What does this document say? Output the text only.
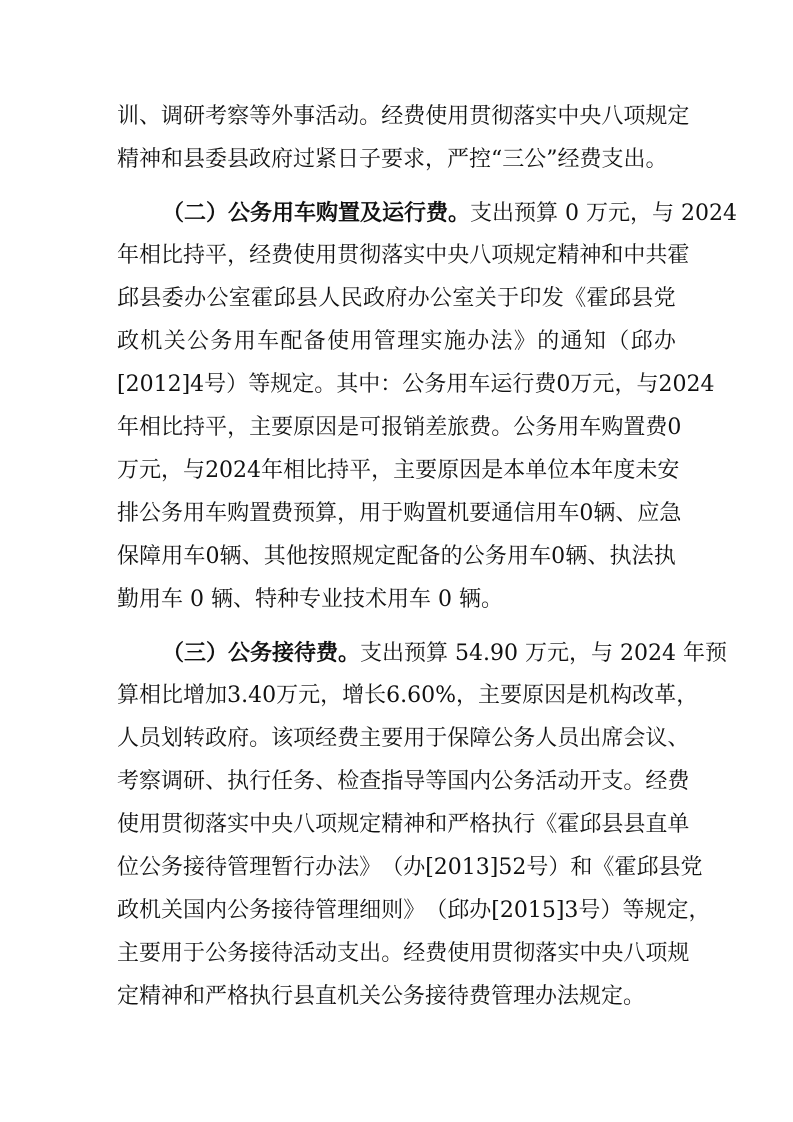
训 、 调 研 考 察 等 外 事 活 动 。 经 费 使 用 贯 彻 落 实 中 央 八 项 规 定
精神和县委县政府过紧日子要求，严控“三公”经费支出。
（二）公务用车购置及运行费。支出预算 0 万元，与 2024
年 相 比 持 平 ， 经 费 使 用 贯 彻 落 实 中 央 八 项 规 定 精 神 和 中 共 霍
邱 县 委 办 公 室 霍 邱 县 人 民 政 府 办 公 室 关 于 印 发 《 霍 邱 县 党
政 机 关 公 务 用 车 配 备 使 用 管 理 实 施 办 法 》 的 通 知 （ 邱 办
[2012]4 号 ） 等 规 定 。 其 中 ： 公 务 用 车 运 行 费 0 万 元 ， 与 2024
年 相 比 持 平 ， 主 要 原 因 是 可 报 销 差 旅 费 。 公 务 用 车 购 置 费 0
万 元 ， 与 2024 年 相 比 持 平 ， 主 要 原 因 是 本 单 位 本 年 度 未 安
排 公 务 用 车 购 置 费 预 算 ， 用 于 购 置 机 要 通 信 用 车 0 辆 、 应 急
保 障 用 车 0 辆 、 其 他 按 照 规 定 配 备 的 公 务 用 车 0 辆 、 执 法 执
勤用车 0 辆、特种专业技术用车 0 辆。
（三）公务接待费。支出预算 54.90 万元，与 2024 年预
算 相 比 增 加 3.40 万 元 ， 增 长 6.60% ， 主 要 原 因 是 机 构 改 革 ，
人 员 划 转 政 府 。 该 项 经 费 主 要 用 于 保 障 公 务 人 员 出 席 会 议 、
考 察 调 研 、 执 行 任 务 、 检 查 指 导 等 国 内 公 务 活 动 开 支 。 经 费
使 用 贯 彻 落 实 中 央 八 项 规 定 精 神 和 严 格 执 行 《 霍 邱 县 县 直 单
位 公 务 接 待 管 理 暂 行 办 法 》 （ 办 [2013]52 号 ） 和 《 霍 邱 县 党
政 机 关 国 内 公 务 接 待 管 理 细 则 》 （ 邱 办 [2015]3 号 ） 等 规 定 ，
主 要 用 于 公 务 接 待 活 动 支 出 。 经 费 使 用 贯 彻 落 实 中 央 八 项 规
定精神和严格执行县直机关公务接待费管理办法规定。
